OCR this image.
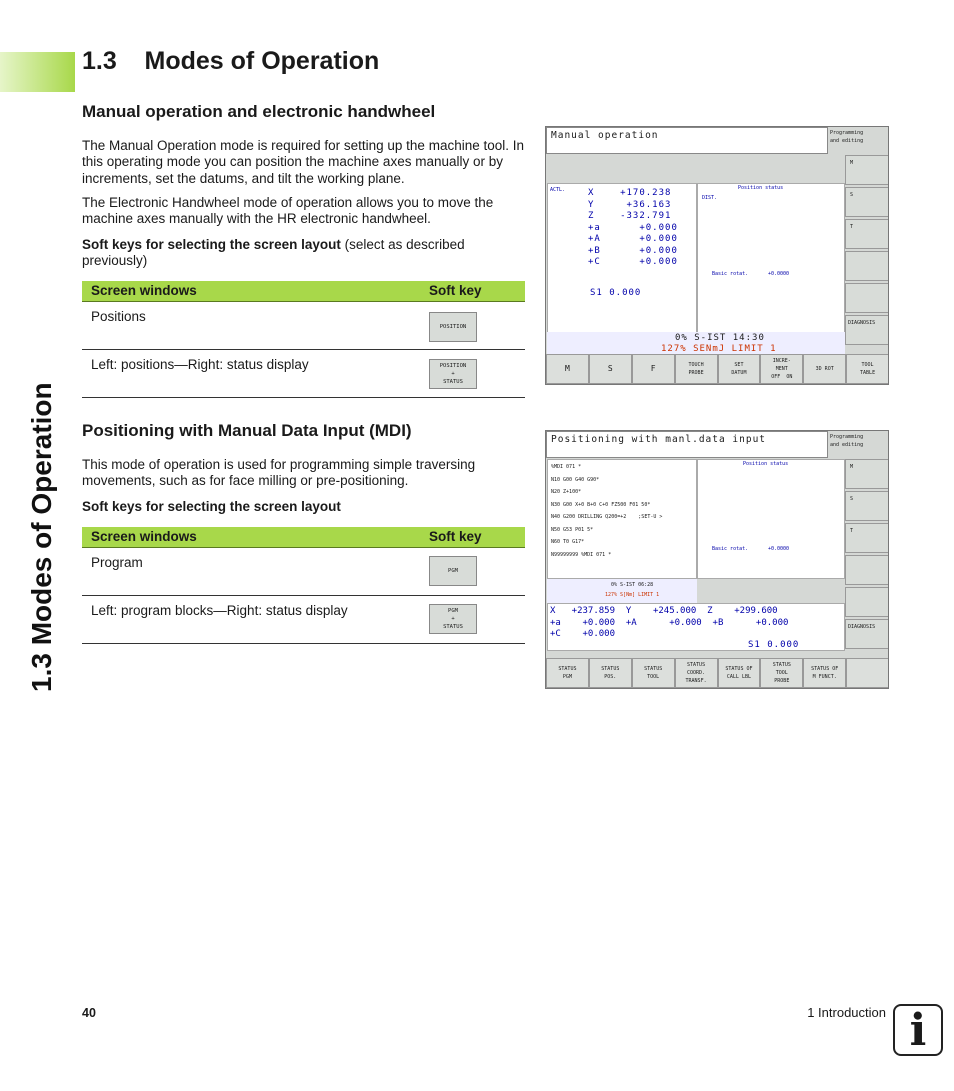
1.3 Modes of Operation
1.3    Modes of Operation
Manual operation and electronic handwheel
The Manual Operation mode is required for setting up the machine tool. In this operating mode you can position the machine axes manually or by increments, set the datums, and tilt the working plane.
The Electronic Handwheel mode of operation allows you to move the machine axes manually with the HR electronic handwheel.
Soft keys for selecting the screen layout (select as described previously)
Screen windows	Soft key
Positions	POSITION

Left: positions—Right: status display	POSITION
+
STATUS
Positioning with Manual Data Input (MDI)
This mode of operation is used for programming simple traversing movements, such as for face milling or pre-positioning.
Soft keys for selecting the screen layout
Screen windows	Soft key
Program	PGM

Left: program blocks—Right: status display	PGM
+
STATUS
Manual operation	Programming
and editing
ACTL.	X    +170.238
Y     +36.163
Z    -332.791
+a      +0.000
+A      +0.000
+B      +0.000
+C      +0.000
S1 0.000
Position status
DIST.
Basic rotat.	+0.0000
0% S-IST 14:30
127% SENmJ LIMIT 1
M
S
T
DIAGNOSIS
M	S	F	TOUCH
PROBE
SET
DATUM
INCRE-
MENT
OFF  ON
3D ROT
TOOL
TABLE
Positioning with manl.data input	Programming
and editing
%MDI 071 *
N10 G00 G40 G90*
N20 Z+100*
N30 G00 X+0 B+0 C+0 FZ500 F01 50*
N40 G200 DRILLING Q200=+2    ;SET-U >
N50 G53 P01 5*
N60 T0 G17*
N99999999 %MDI 071 *
Position status
Basic rotat.	+0.0000
0% S-IST 06:28
127% S[Nm] LIMIT 1
X   +237.859  Y    +245.000  Z    +299.600
+a    +0.000  +A      +0.000  +B      +0.000
+C    +0.000
S1 0.000
M
S
T
DIAGNOSIS
STATUS
PGM
STATUS
POS.
STATUS
TOOL
STATUS
COORD.
TRANSF.
STATUS OF
CALL LBL
STATUS
TOOL
PROBE
STATUS OF
M FUNCT.
40	1 Introduction i
